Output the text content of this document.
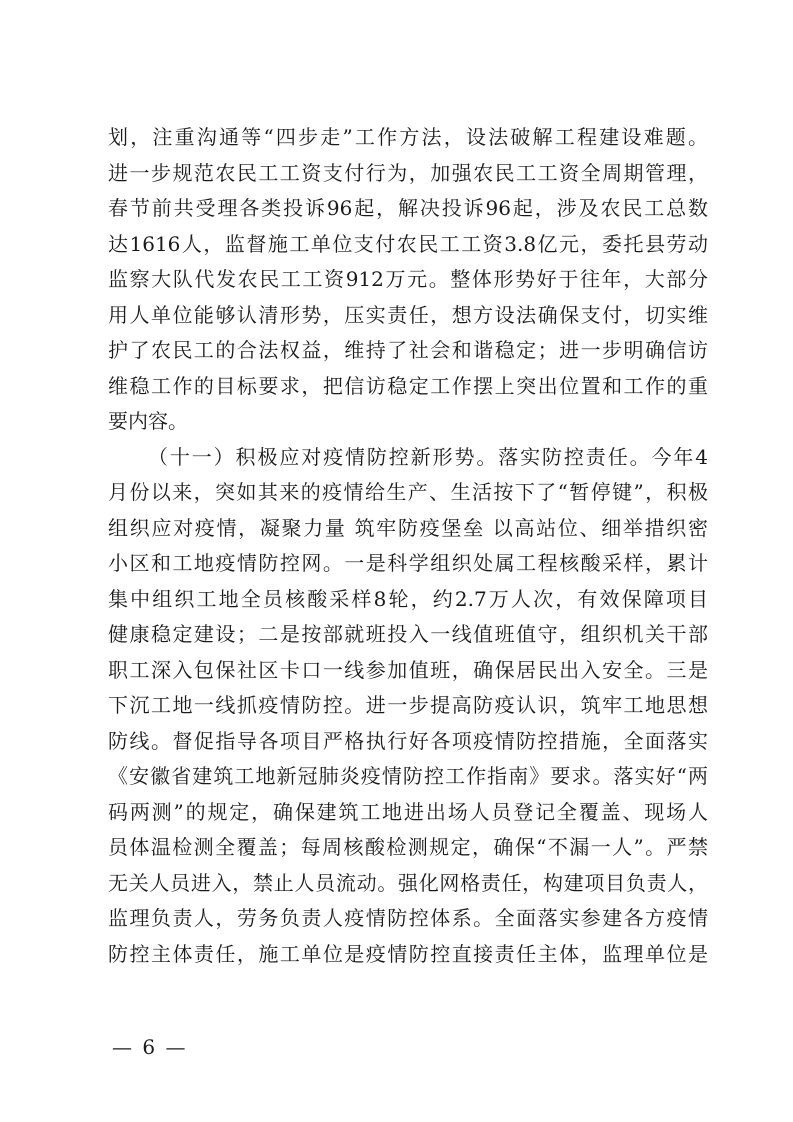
划，注重沟通等“四步走”工作方法，设法破解工程建设难题。
进一步规范农民工工资支付行为，加强农民工工资全周期管理，
春节前共受理各类投诉96起，解决投诉96起，涉及农民工总数
达1616人，监督施工单位支付农民工工资3.8亿元，委托县劳动
监察大队代发农民工工资912万元。整体形势好于往年，大部分
用人单位能够认清形势，压实责任，想方设法确保支付，切实维
护了农民工的合法权益，维持了社会和谐稳定；进一步明确信访
维稳工作的目标要求，把信访稳定工作摆上突出位置和工作的重
要内容。
（十一）积极应对疫情防控新形势。落实防控责任。今年4
月份以来，突如其来的疫情给生产、生活按下了“暂停键”，积极
组织应对疫情，凝聚力量 筑牢防疫堡垒 以高站位、细举措织密
小区和工地疫情防控网。一是科学组织处属工程核酸采样，累计
集中组织工地全员核酸采样8轮，约2.7万人次，有效保障项目
健康稳定建设；二是按部就班投入一线值班值守，组织机关干部
职工深入包保社区卡口一线参加值班，确保居民出入安全。三是
下沉工地一线抓疫情防控。进一步提高防疫认识，筑牢工地思想
防线。督促指导各项目严格执行好各项疫情防控措施，全面落实
《安徽省建筑工地新冠肺炎疫情防控工作指南》要求。落实好“两
码两测”的规定，确保建筑工地进出场人员登记全覆盖、现场人
员体温检测全覆盖；每周核酸检测规定，确保“不漏一人”。严禁
无关人员进入，禁止人员流动。强化网格责任，构建项目负责人，
监理负责人，劳务负责人疫情防控体系。全面落实参建各方疫情
防控主体责任，施工单位是疫情防控直接责任主体，监理单位是
— 6 —
